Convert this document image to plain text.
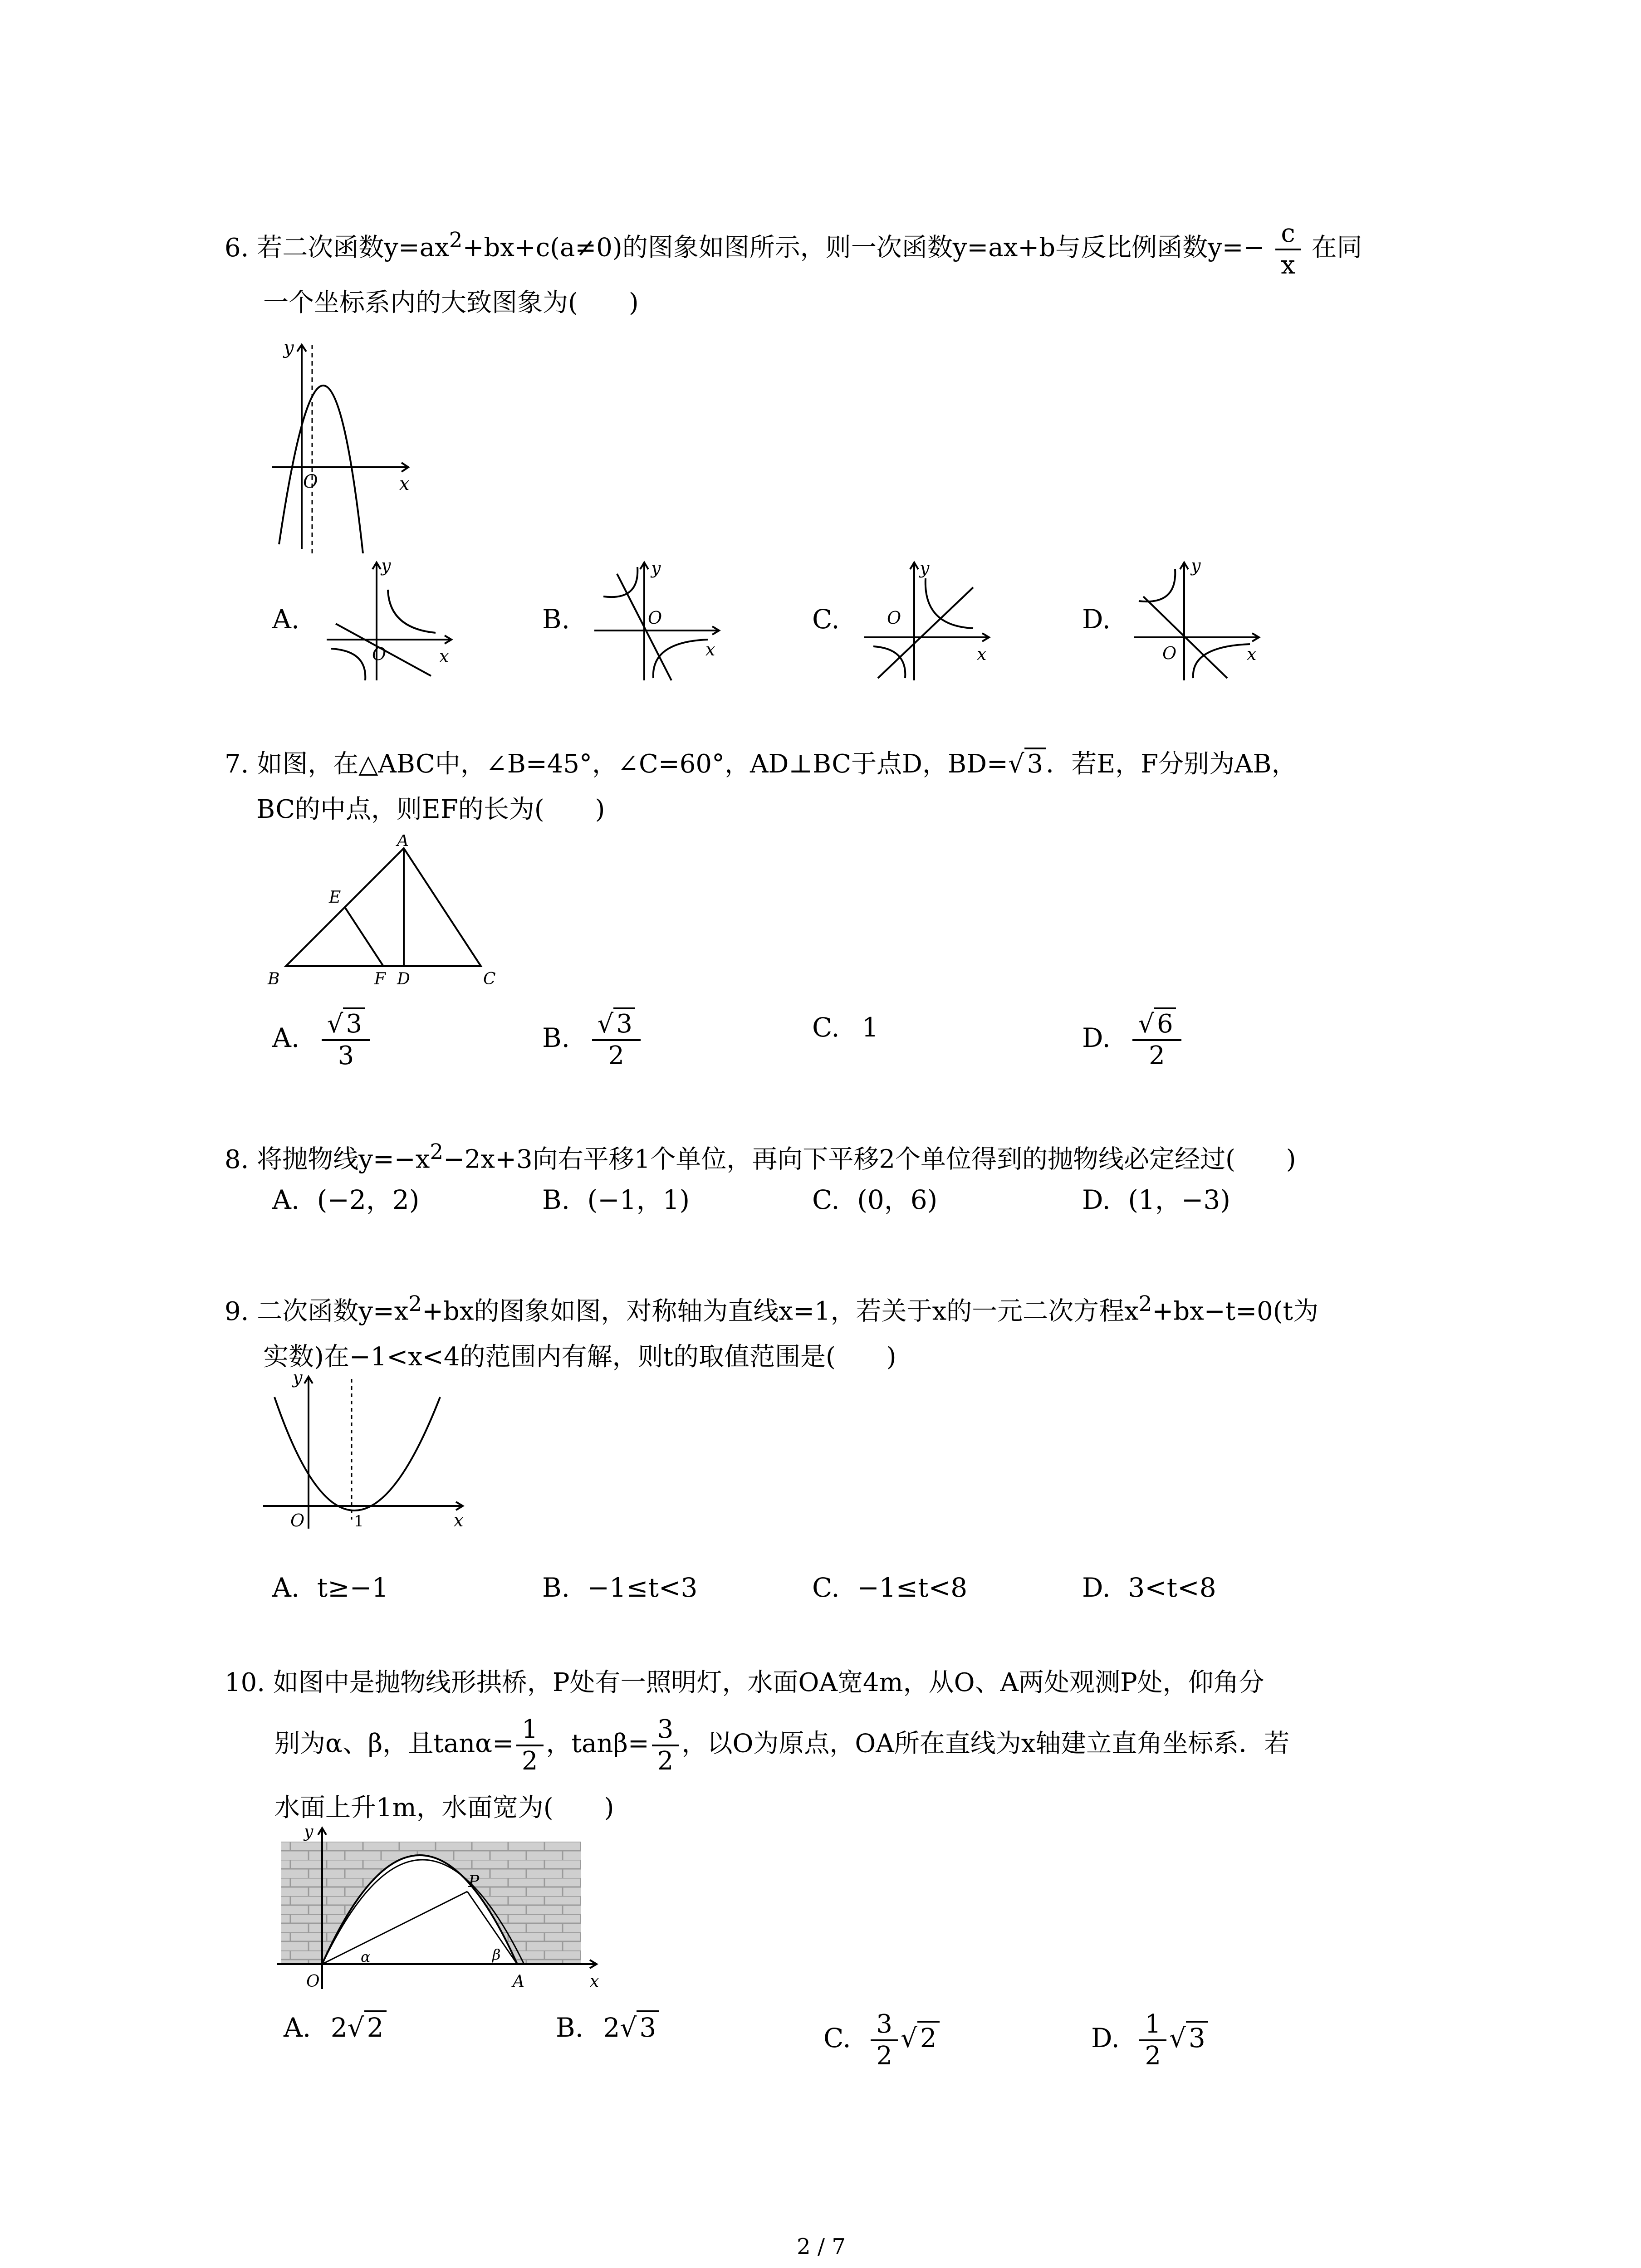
6. 若二次函数$y=ax^2+bx+c(a\ne 0)$的图象如图所示，则一次函数y=ax+b与反比例函数$y=- \frac{c}{x}$ 在同
一个坐标系内的大致图象为(　　)
y
x
O
A.
y
x
O
B.
y
x
O	C.
y
x
O	D.
y
x
O
7. 如图，在△ABC中，∠B=45°，∠C=60°，AD⊥BC于点D，BD=√ 3 ．若E，F分别为AB，
BC的中点，则EF的长为(　　)
A
B	C
D
E
F
A. $\frac{√ 3}{3}$	B. $\frac{√ 3}{2}$	C. 1	D. $\frac{√ 6}{2}$
8. 将抛物线$y=-x^2-2x+3$向右平移1个单位，再向下平移2个单位得到的抛物线必定经过(　　)
A. (−2，2)	B. (−1，1)	C. (0，6)	D. (1，−3)
9. 二次函数$y=x^2+bx$的图象如图，对称轴为直线x=1，若关于x的一元二次方程$x^2+bx-t=0(t$为
实数)在−1<x<4的范围内有解，则t的取值范围是(　　)
y
x
O	1
A. t≥−1	B. −1≤t<3	C. −1≤t<8	D. 3<t<8
10. 如图中是抛物线形拱桥，P处有一照明灯，水面OA宽4m，从O、A两处观测P处，仰角分
别为α、β，且$\tan\alpha= \frac{1}{2}$ ，$\tan\beta= \frac{3}{2}$ ，以O为原点，OA所在直线为x轴建立直角坐标系．若
水面上升1m，水面宽为(　　)
y
x
O	A
P
α	β
A. 2√ 2	B. 2√ 3	C. $\frac{3}{2}$ √ 2	D. $\frac{1}{2}$ √ 3
2 / 7
